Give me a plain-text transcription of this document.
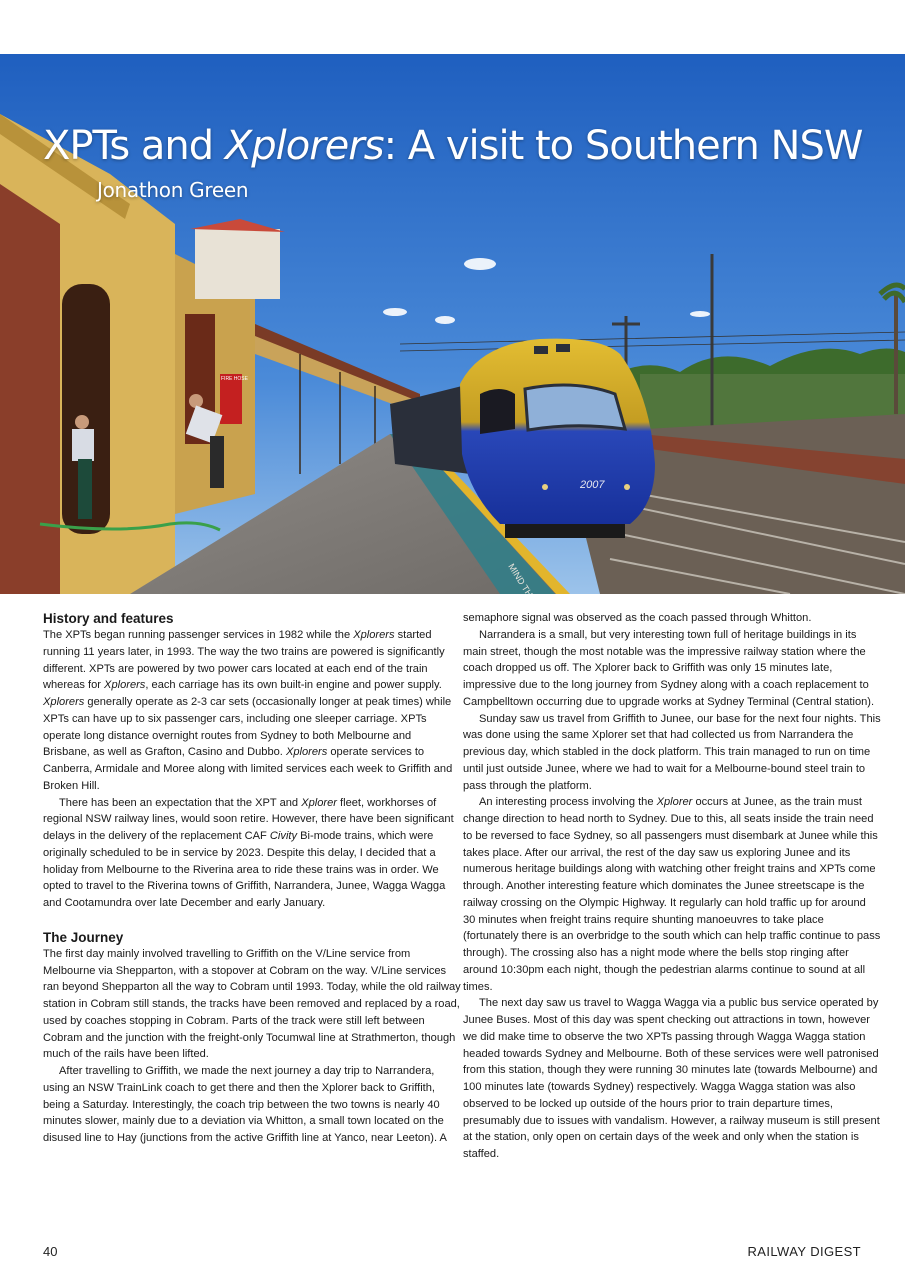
FIRE HOSE
2007
XPTs and Xplorers: A visit to Southern NSW
Jonathon Green
History and features

The XPTs began running passenger services in 1982 while the Xplorers started running 11 years later, in 1993. The way the two trains are powered is significantly different. XPTs are powered by two power cars located at each end of the train whereas for Xplorers, each carriage has its own built-in engine and power supply. Xplorers generally operate as 2-3 car sets (occasionally longer at peak times) while XPTs can have up to six passenger cars, including one sleeper carriage. XPTs operate long distance overnight routes from Sydney to both Melbourne and Brisbane, as well as Grafton, Casino and Dubbo. Xplorers operate services to Canberra, Armidale and Moree along with limited services each week to Griffith and Broken Hill.

There has been an expectation that the XPT and Xplorer fleet, workhorses of regional NSW railway lines, would soon retire. However, there have been significant delays in the delivery of the replacement CAF Civity Bi-mode trains, which were originally scheduled to be in service by 2023. Despite this delay, I decided that a holiday from Melbourne to the Riverina area to ride these trains was in order. We opted to travel to the Riverina towns of Griffith, Narrandera, Junee, Wagga Wagga and Cootamundra over late December and early January.

The Journey

The first day mainly involved travelling to Griffith on the V/Line service from Melbourne via Shepparton, with a stopover at Cobram on the way. V/Line services ran beyond Shepparton all the way to Cobram until 1993. Today, while the old railway station in Cobram still stands, the tracks have been removed and replaced by a road, used by coaches stopping in Cobram. Parts of the track were still left between Cobram and the junction with the freight-only Tocumwal line at Strathmerton, though much of the rails have been lifted.

After travelling to Griffith, we made the next journey a day trip to Narrandera, using an NSW TrainLink coach to get there and then the Xplorer back to Griffith, being a Saturday. Interestingly, the coach trip between the two towns is nearly 40 minutes slower, mainly due to a deviation via Whitton, a small town located on the disused line to Hay (junctions from the active Griffith line at Yanco, near Leeton). A

semaphore signal was observed as the coach passed through Whitton.

Narrandera is a small, but very interesting town full of heritage buildings in its main street, though the most notable was the impressive railway station where the coach dropped us off. The Xplorer back to Griffith was only 15 minutes late, impressive due to the long journey from Sydney along with a coach replacement to Campbelltown occurring due to upgrade works at Sydney Terminal (Central station).

Sunday saw us travel from Griffith to Junee, our base for the next four nights. This was done using the same Xplorer set that had collected us from Narrandera the previous day, which stabled in the dock platform. This train managed to run on time until just outside Junee, where we had to wait for a Melbourne-bound steel train to pass through the platform.

An interesting process involving the Xplorer occurs at Junee, as the train must change direction to head north to Sydney. Due to this, all seats inside the train need to be reversed to face Sydney, so all passengers must disembark at Junee while this takes place. After our arrival, the rest of the day saw us exploring Junee and its numerous heritage buildings along with watching other freight trains and XPTs come through. Another interesting feature which dominates the Junee streetscape is the railway crossing on the Olympic Highway. It regularly can hold traffic up for around 30 minutes when freight trains require shunting manoeuvres to take place (fortunately there is an overbridge to the south which can help traffic continue to pass through). The crossing also has a night mode where the bells stop ringing after around 10:30pm each night, though the pedestrian alarms continue to sound at all times.

The next day saw us travel to Wagga Wagga via a public bus service operated by Junee Buses. Most of this day was spent checking out attractions in town, however we did make time to observe the two XPTs passing through Wagga Wagga station headed towards Sydney and Melbourne. Both of these services were well patronised from this station, though they were running 30 minutes late (towards Melbourne) and 100 minutes late (towards Sydney) respectively. Wagga Wagga station was also observed to be locked up outside of the hours prior to train departure times, presumably due to issues with vandalism. However, a railway museum is still present at the station, only open on certain days of the week and only when the station is staffed.

40	RAILWAY DIGEST
